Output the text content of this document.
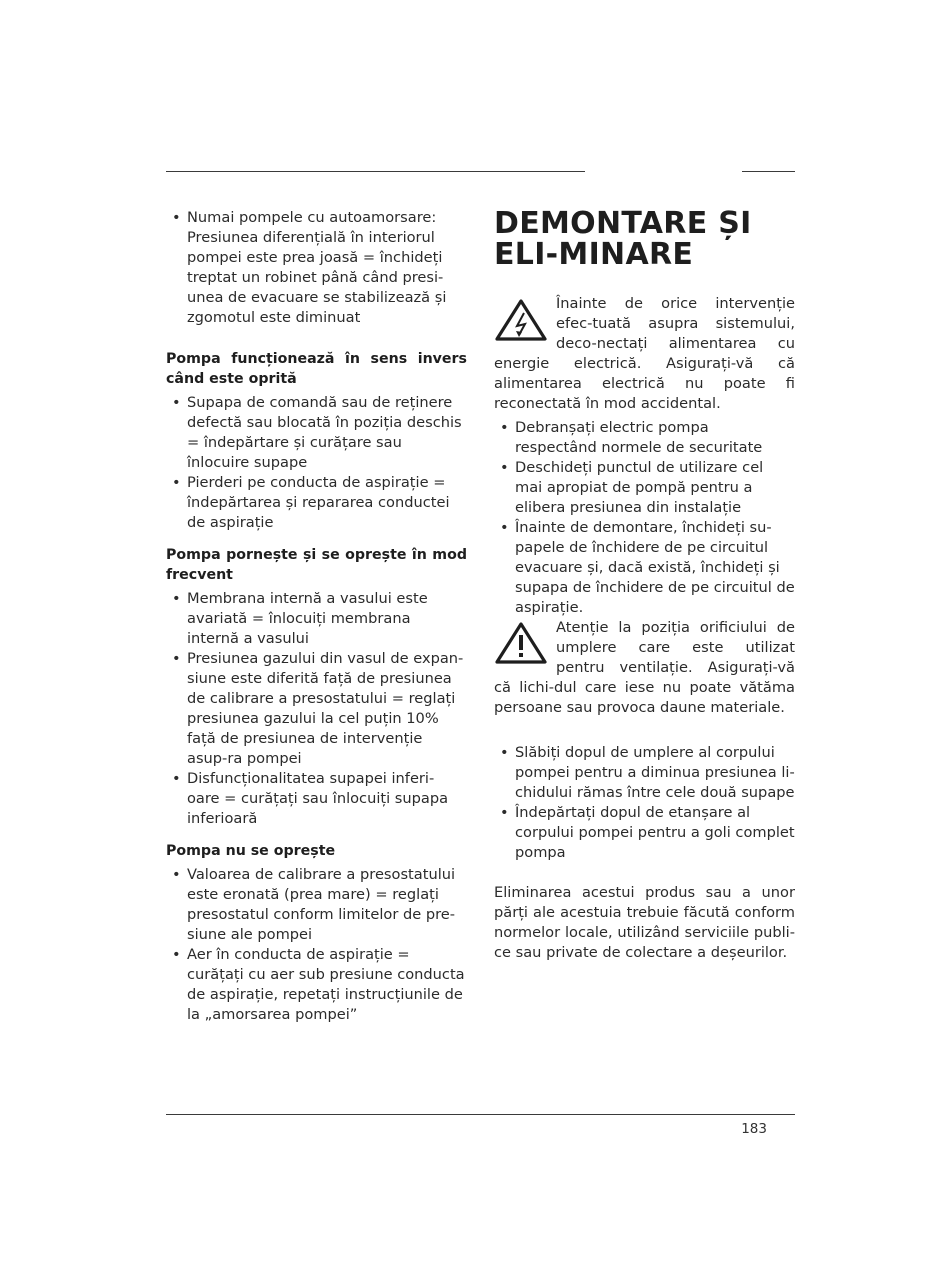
• Numai pompele cu autoamorsare: Presiunea diferențială în interiorul pompei este prea joasă = închideți treptat un robinet până când presi-unea de evacuare se stabilizează și zgomotul este diminuat
Pompa funcționează în sens invers când este oprită
• Supapa de comandă sau de reținere defectă sau blocată în poziția deschis = îndepărtare și curățare sau înlocuire supape
• Pierderi pe conducta de aspirație = îndepărtarea și repararea conductei de aspirație
Pompa pornește și se oprește în mod frecvent
• Membrana internă a vasului este avariată = înlocuiți membrana internă a vasului
• Presiunea gazului din vasul de expan-siune este diferită față de presiunea de calibrare a presostatului = reglați presiunea gazului la cel puțin 10% față de presiunea de intervenție asup-ra pompei
• Disfuncționalitatea supapei inferi-oare = curățați sau înlocuiți supapa inferioară
Pompa nu se oprește
• Valoarea de calibrare a presostatului este eronată (prea mare) = reglați presostatul conform limitelor de pre-siune ale pompei
• Aer în conducta de aspirație = curățați cu aer sub presiune conducta de aspirație, repetați instrucțiunile de la „amorsarea pompei”
DEMONTARE ȘI ELI-MINARE
Înainte de orice intervenție efec-tuată asupra sistemului, deco-nectați alimentarea cu energie electrică. Asigurați-vă că alimentarea electrică nu poate fi reconectată în mod accidental.
• Debranșați electric pompa respectând normele de securitate
• Deschideți punctul de utilizare cel mai apropiat de pompă pentru a elibera presiunea din instalație
• Înainte de demontare, închideți su-papele de închidere de pe circuitul evacuare și, dacă există, închideți și supapa de închidere de pe circuitul de aspirație.
Atenție la poziția orificiului de umplere care este utilizat pentru ventilație. Asigurați-vă că lichi-dul care iese nu poate vătăma persoane sau provoca daune materiale.
• Slăbiți dopul de umplere al corpului pompei pentru a diminua presiunea li-chidului rămas între cele două supape
• Îndepărtați dopul de etanșare al corpului pompei pentru a goli complet pompa
Eliminarea acestui produs sau a unor părți ale acestuia trebuie făcută conform normelor locale, utilizând serviciile publi-ce sau private de colectare a deșeurilor.
183
